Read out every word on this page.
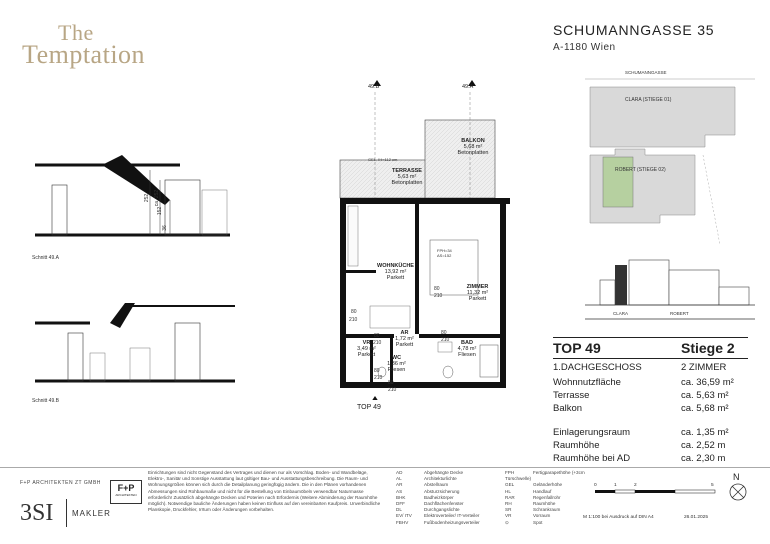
The
Temptation
SCHUMANNGASSE 35
A-1180 Wien
SCHUMANNGASSE
CLARA (STIEGE 01)
ROBERT (STIEGE 02)
CLARA	ROBERT
252 ca. 252
152
36
Schnitt 49.A
Schnitt 49.B
49.B	49.A
BALKON
5,68 m²
Betonplatten
TERRASSE
5,63 m²
Betonplatten
GEL. IH=112 cm
WOHNKÜCHE
13,92 m²
Parkett
ZIMMER
11,32 m²
Parkett
AR
1,72 m²
Parkett	BAD
4,78 m²
Fliesen
VR
3,49 m²
Parkett	WC
1,36 m²
Fliesen
FPH=34 AS=152
80
210
80
210
80
210
80
210
80
210
80
210
TOP 49
TOP 49	Stiege 2
1.DACHGESCHOSS	2 ZIMMER
Wohnnutzfläche	ca. 36,59 m²
Terrasse	ca. 5,63 m²
Balkon	ca. 5,68 m²
Einlagerungsraum	ca. 1,35 m²
Raumhöhe	ca. 2,52 m
Raumhöhe bei AD	ca. 2,30 m
F+P ARCHITEKTEN ZT GMBH	F+P
ARCHITEKTEN
3SI MAKLER
Einrichtungen sind nicht Gegenstand des Vertrages und dienen nur als Vorschlag. Boden- und Wandbeläge, Elektro-, Sanitär und Sonstige Ausstattung laut gültiger Bau- und Ausstattungsbeschreibung. Die Raum- und Wohnungsgrößen können sich durch die Detailplanung geringfügig ändern. Die in den Plänen vorhandenen Abmessungen sind Rohbaumaße und nicht für die Bestellung von Einbaumöbeln verwendbar Naturmasse erforderlich! Zusätzlich abgehängte Decken und Poterien nach Erfordernis (Weitere Abminderung der Raumhöhe möglich). Notwendige bauliche Änderungen haben keinen Einfluss auf den vereinbarten Kaufpreis. Unverbindliche Planskopie, Druckfehler, Irrtum oder Änderungen vorbehalten.
AD	Abgehängte Decke
AL	Architekturlichte
AR	Abstellraum
AS	Absturzsicherung
BHK	Badheizkörper
DFF	Dachflächenfenster
DL	Durchgangslichte
EV/ ITV	Elektroverteiler/ IT-Verteiler
FBHV	Fußbodenheizungsverteiler
FPH	Fertigparapethöhe (+3cm Türschwelle)
GEL	Geländerhöhe
HL	Handlauf
RAR	Regenfallrohr
RH	Raumhöhe
SR	Schrankraum
VR	Vorraum
⊙	Spot
0	1	2	5
M 1:100 bei Ausdruck auf DIN A4	26.01.2025
N
